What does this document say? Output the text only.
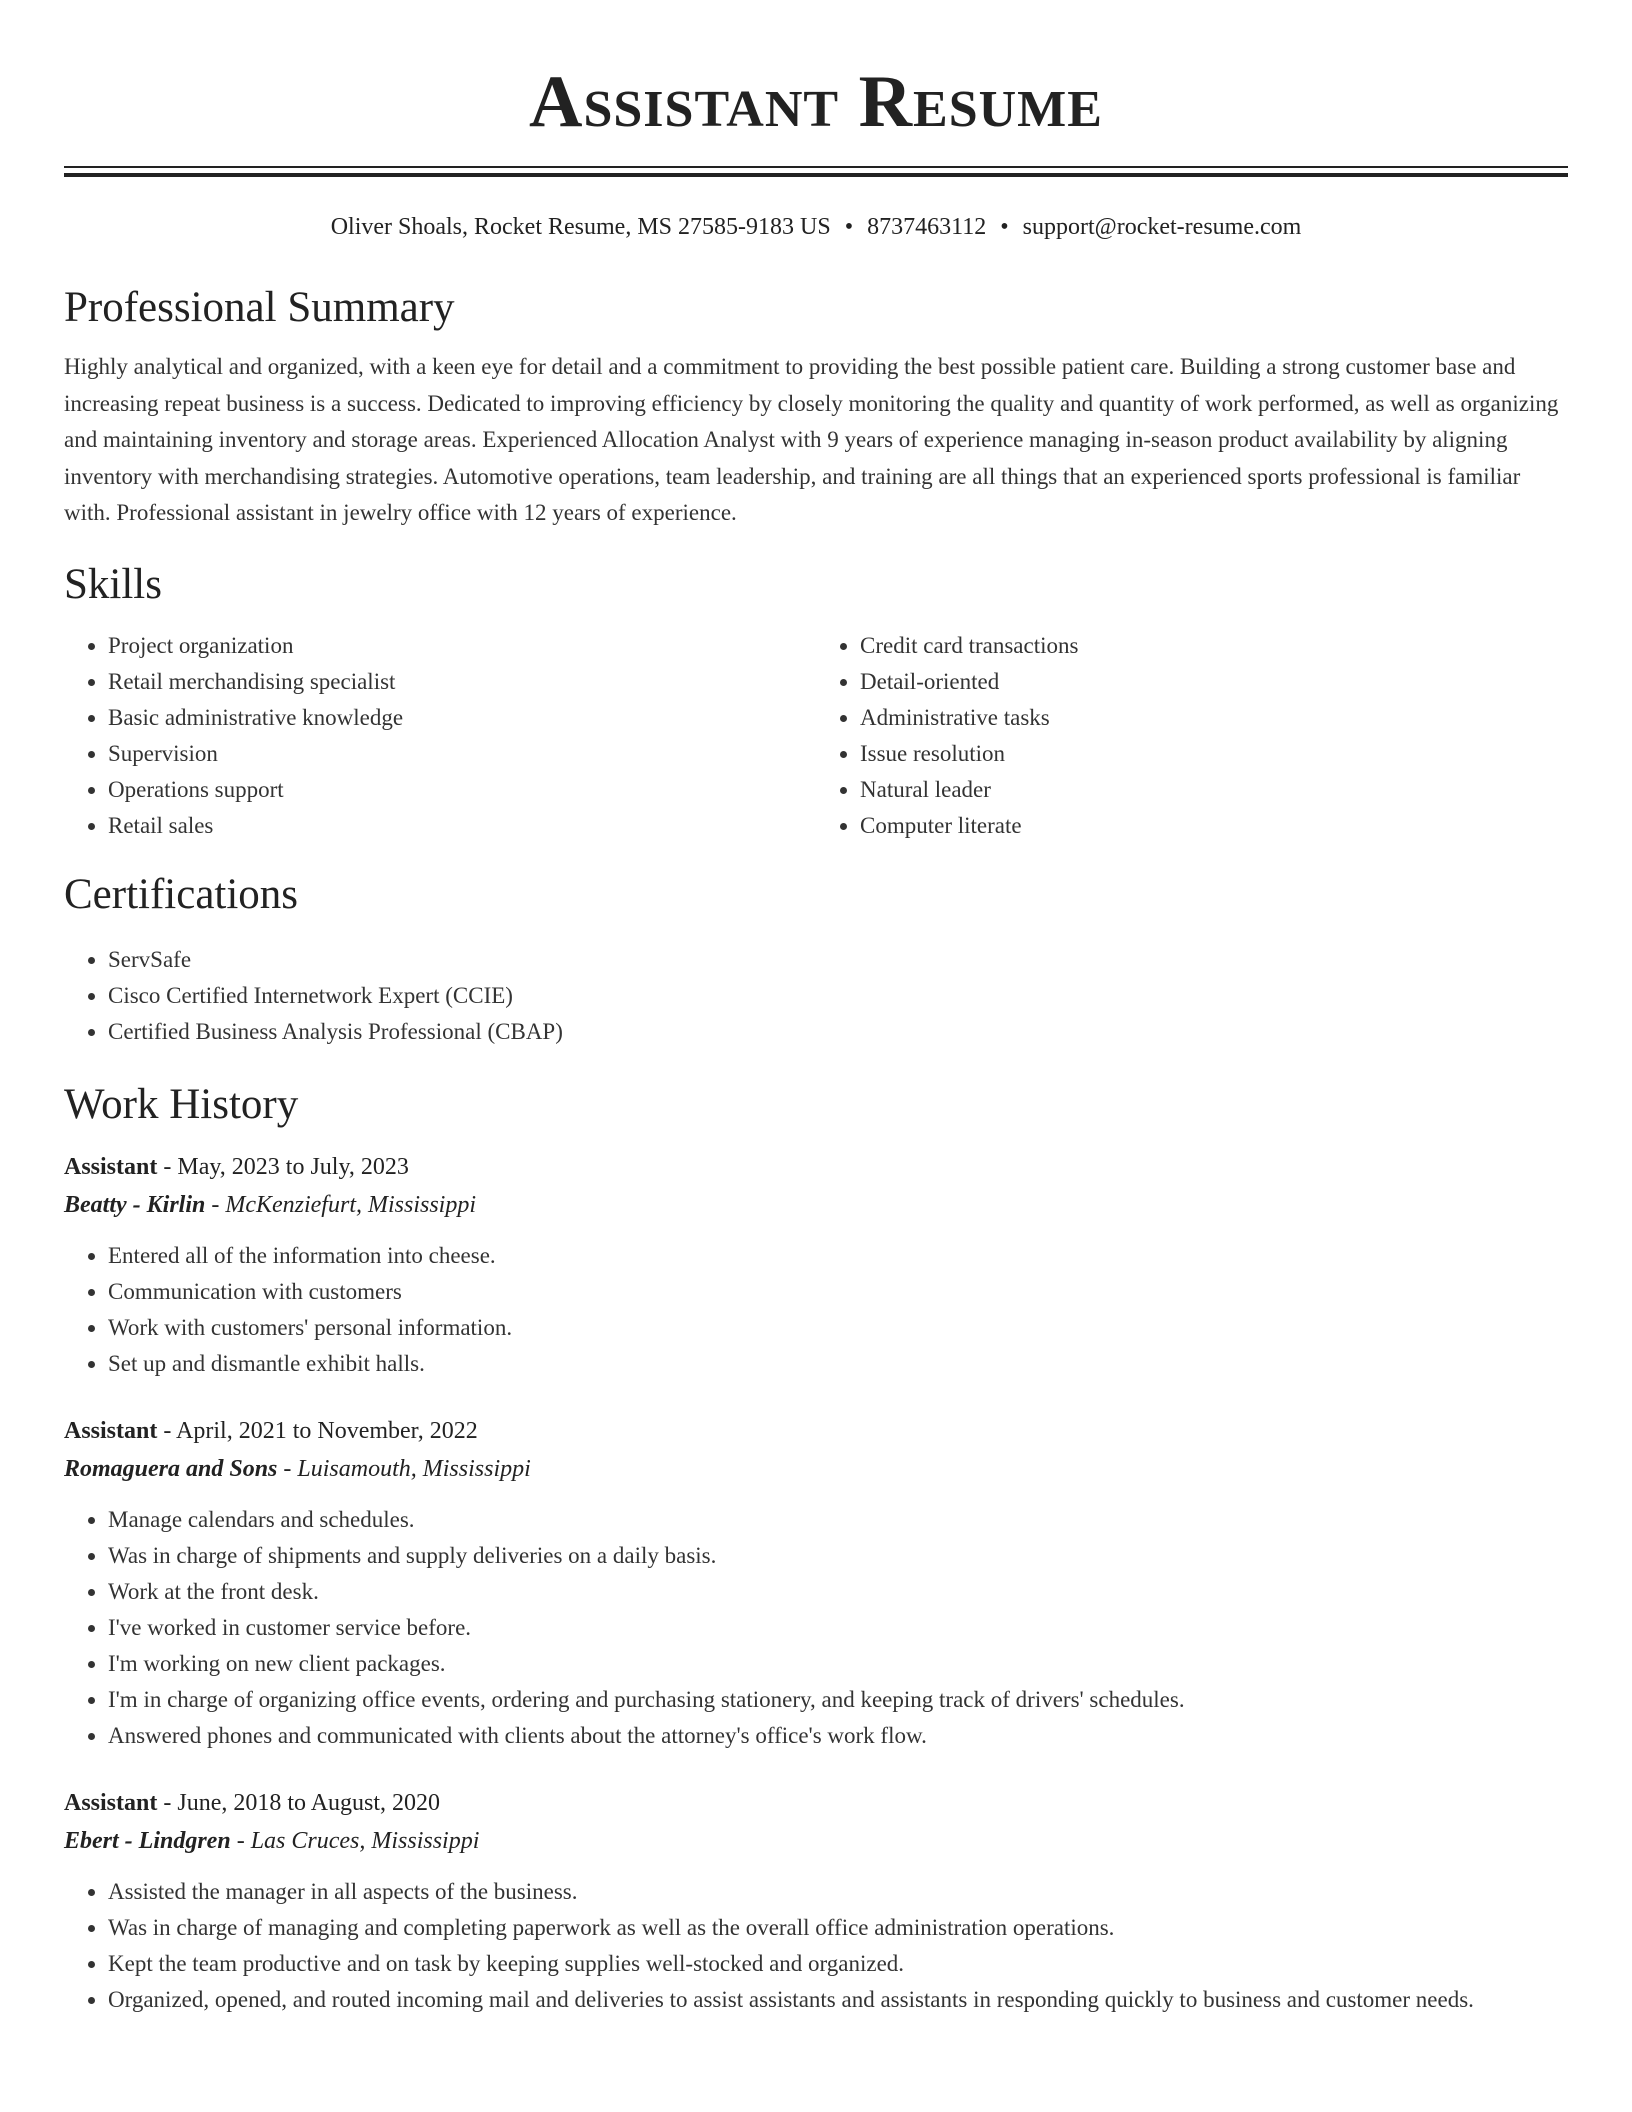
Assistant Resume
Oliver Shoals, Rocket Resume, MS 27585-9183 US • 8737463112 • support@rocket-resume.com
Professional Summary

Highly analytical and organized, with a keen eye for detail and a commitment to providing the best possible patient care. Building a strong customer base and increasing repeat business is a success. Dedicated to improving efficiency by closely monitoring the quality and quantity of work performed, as well as organizing and maintaining inventory and storage areas. Experienced Allocation Analyst with 9 years of experience managing in-season product availability by aligning inventory with merchandising strategies. Automotive operations, team leadership, and training are all things that an experienced sports professional is familiar with. Professional assistant in jewelry office with 12 years of experience.

Skills
• Project organization
• Retail merchandising specialist
• Basic administrative knowledge
• Supervision
• Operations support
• Retail sales
• Credit card transactions
• Detail-oriented
• Administrative tasks
• Issue resolution
• Natural leader
• Computer literate
Certifications
• ServSafe
• Cisco Certified Internetwork Expert (CCIE)
• Certified Business Analysis Professional (CBAP)
Work History
Assistant - May, 2023 to July, 2023
Beatty - Kirlin - McKenziefurt, Mississippi
• Entered all of the information into cheese.
• Communication with customers
• Work with customers' personal information.
• Set up and dismantle exhibit halls.
Assistant - April, 2021 to November, 2022
Romaguera and Sons - Luisamouth, Mississippi
• Manage calendars and schedules.
• Was in charge of shipments and supply deliveries on a daily basis.
• Work at the front desk.
• I've worked in customer service before.
• I'm working on new client packages.
• I'm in charge of organizing office events, ordering and purchasing stationery, and keeping track of drivers' schedules.
• Answered phones and communicated with clients about the attorney's office's work flow.
Assistant - June, 2018 to August, 2020
Ebert - Lindgren - Las Cruces, Mississippi
• Assisted the manager in all aspects of the business.
• Was in charge of managing and completing paperwork as well as the overall office administration operations.
• Kept the team productive and on task by keeping supplies well-stocked and organized.
• Organized, opened, and routed incoming mail and deliveries to assist assistants and assistants in responding quickly to business and customer needs.
